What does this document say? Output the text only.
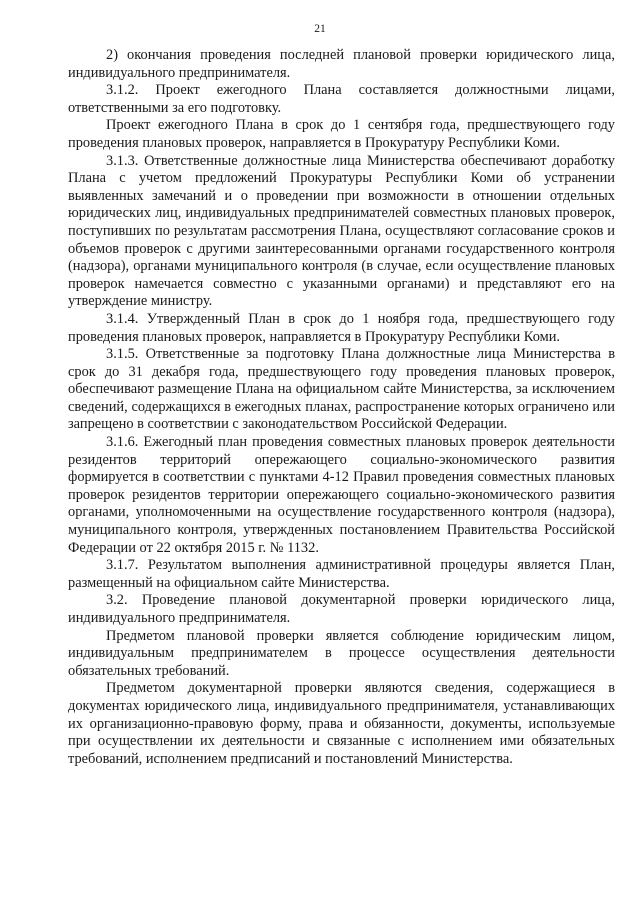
21

2) окончания проведения последней плановой проверки юридического лица, индивидуального предпринимателя.

3.1.2. Проект ежегодного Плана составляется должностными лицами, ответственными за его подготовку.

Проект ежегодного Плана в срок до 1 сентября года, предшествующего году проведения плановых проверок, направляется в Прокуратуру Республики Коми.

3.1.3. Ответственные должностные лица Министерства обеспечивают доработку Плана с учетом предложений Прокуратуры Республики Коми об устранении выявленных замечаний и о проведении при возможности в отношении отдельных юридических лиц, индивидуальных предпринимателей совместных плановых проверок, поступивших по результатам рассмотрения Плана, осуществляют согласование сроков и объемов проверок с другими заинтересованными органами государственного контроля (надзора), органами муниципального контроля (в случае, если осуществление плановых проверок намечается совместно с указанными органами) и представляют его на утверждение министру.

3.1.4. Утвержденный План в срок до 1 ноября года, предшествующего году проведения плановых проверок, направляется в Прокуратуру Республики Коми.

3.1.5. Ответственные за подготовку Плана должностные лица Министерства в срок до 31 декабря года, предшествующего году проведения плановых проверок, обеспечивают размещение Плана на официальном сайте Министерства, за исключением сведений, содержащихся в ежегодных планах, распространение которых ограничено или запрещено в соответствии с законодательством Российской Федерации.

3.1.6. Ежегодный план проведения совместных плановых проверок деятельности резидентов территорий опережающего социально-экономического развития формируется в соответствии с пунктами 4-12 Правил проведения совместных плановых проверок резидентов территории опережающего социально-экономического развития органами, уполномоченными на осуществление государственного контроля (надзора), муниципального контроля, утвержденных постановлением Правительства Российской Федерации от 22 октября 2015 г. № 1132.

3.1.7. Результатом выполнения административной процедуры является План, размещенный на официальном сайте Министерства.

3.2. Проведение плановой документарной проверки юридического лица, индивидуального предпринимателя.

Предметом плановой проверки является соблюдение юридическим лицом, индивидуальным предпринимателем в процессе осуществления деятельности обязательных требований.

Предметом документарной проверки являются сведения, содержащиеся в документах юридического лица, индивидуального предпринимателя, устанавливающих их организационно-правовую форму, права и обязанности, документы, используемые при осуществлении их деятельности и связанные с исполнением ими обязательных требований, исполнением предписаний и постановлений Министерства.
